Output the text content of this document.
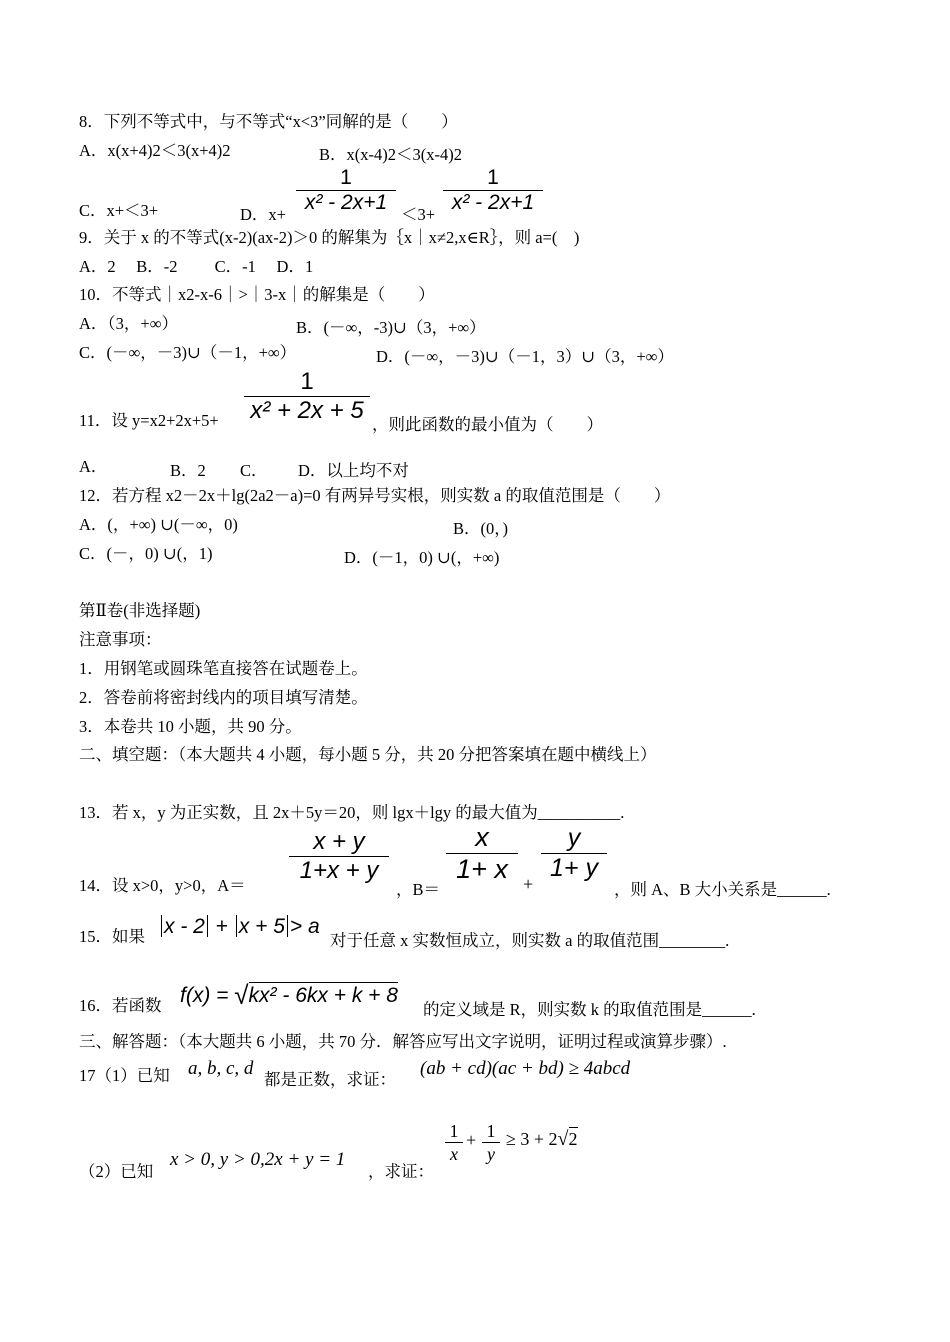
8．下列不等式中，与不等式“x<3”同解的是（　　）
A．x(x+4)2＜3(x+4)2	B．x(x-4)2＜3(x-4)2
C．x+＜3+	D．x+
1
x² - 2x+1
＜3+
1
x² - 2x+1
9．关于 x 的不等式(x-2)(ax-2)＞0 的解集为｛x｜x≠2,x∈R｝，则 a=(　)
A．2　 B．-2　　 C．-1　 D．1
10．不等式｜x2-x-6｜>｜3-x｜的解集是（　　）
A．（3，+∞）	B．(－∞，-3)∪（3，+∞）
C．(－∞，－3)∪（－1，+∞）	D．(－∞，－3)∪（－1，3）∪（3，+∞）
11．设 y=x2+2x+5+
1
x² + 2x + 5
，则此函数的最小值为（　　）
A．	B．2 C． D．以上均不对
12．若方程 x2－2x＋lg(2a2－a)=0 有两异号实根，则实数 a 的取值范围是（　　）
A．(，+∞) ∪(－∞，0)	B．(0，)
C．(－，0) ∪(，1)	D．(－1，0) ∪(，+∞)
第Ⅱ卷(非选择题)
注意事项：
1．用钢笔或圆珠笔直接答在试题卷上。
2．答卷前将密封线内的项目填写清楚。
3．本卷共 10 小题，共 90 分。
二、填空题：（本大题共 4 小题，每小题 5 分，共 20 分把答案填在题中横线上）
13．若 x，y 为正实数，且 2x＋5y＝20，则 lgx＋lgy 的最大值为__________.
14．设 x>0，y>0，A＝
x + y
1+x + y
，B＝
x
1+ x +
y
1+ y
，则 A、B 大小关系是______.
15．如果 x - 2 + x + 5 > a
对于任意 x 实数恒成立，则实数 a 的取值范围________.
16．若函数 f(x) = √kx² - 6kx + k + 8
的定义域是 R，则实数 k 的取值范围是______.
三、解答题：（本大题共 6 小题，共 70 分．解答应写出文字说明，证明过程或演算步骤）.
17（1）已知 a, b, c, d
都是正数，求证：
(ab + cd)(ac + bd) ≥ 4abcd
（2）已知
x > 0, y > 0,2x + y = 1
，求证：
1
x
+ 1
y
≥ 3 + 2√2
